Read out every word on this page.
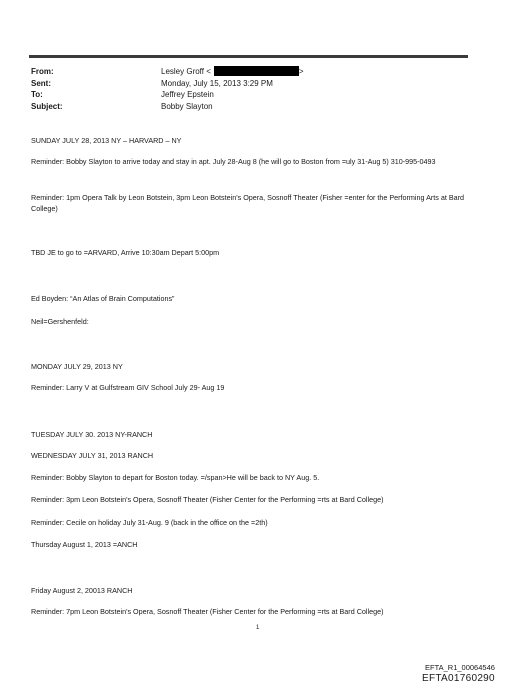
From:	Lesley Groff <	>
Sent:	Monday, July 15, 2013 3:29 PM
To:	Jeffrey Epstein
Subject:	Bobby Slayton
SUNDAY JULY 28, 2013 NY – HARVARD – NY
Reminder: Bobby Slayton to arrive today and stay in apt. July 28-Aug 8 (he will go to Boston from =uly 31-Aug 5) 310-995-0493
Reminder: 1pm Opera Talk by Leon Botstein, 3pm Leon Botstein's Opera, Sosnoff Theater (Fisher =enter for the Performing Arts at Bard College)
TBD JE to go to =ARVARD, Arrive 10:30am Depart 5:00pm
Ed Boyden: “An Atlas of Brain Computations”
Neil=Gershenfeld:
MONDAY JULY 29, 2013 NY
Reminder: Larry V at Gulfstream GIV School July 29- Aug 19
TUESDAY JULY 30. 2013 NY-RANCH
WEDNESDAY JULY 31, 2013 RANCH
Reminder: Bobby Slayton to depart for Boston today. =/span>He will be back to NY Aug. 5.
Reminder: 3pm Leon Botstein's Opera, Sosnoff Theater (Fisher Center for the Performing =rts at Bard College)
Reminder: Cecile on holiday July 31-Aug. 9 (back in the office on the =2th)
Thursday August 1, 2013 =ANCH
Friday August 2, 20013 RANCH
Reminder: 7pm Leon Botstein's Opera, Sosnoff Theater (Fisher Center for the Performing =rts at Bard College)
1
EFTA_R1_00064546
EFTA01760290
